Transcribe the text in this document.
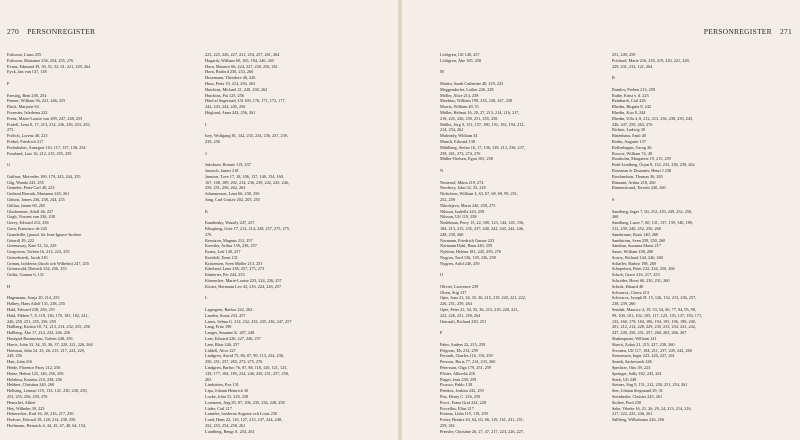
270 PERSONREGISTER
Eriksson, Linus 255
Eriksson, Marianne 236, 254, 255, 276
Evans, Edmund 49, 50, 51, 52, 61, 221, 229, 264
Eyck, Jan van 137, 138
F
Faestög, Bent 238, 254
Fenner, William 56, 221, 246, 255
Flack, Marjorie 63
Forrester, Isfederna 222
Frenz, Marie-Louise von 209, 247, 248, 255
Fridell, Lena 8, 17, 213, 214, 236, 239, 253, 255,
273
Fröfich, Lorenz 40, 223
Fröbel, Friedrich 217
Fuchshuber, Annegert 110, 117, 137, 138, 254
Furuland, Lars 16, 212, 215, 255, 259
G
Gaffron, Mercedes 169, 179, 243, 244, 255
Gåg, Wanda 243, 255
Gemeler, Peter Carl 40, 223
Gerland Ekerath, Marianne 245, 261
Gibson, James 236, 238, 244, 255
Gillian, James 60, 265
Glasbrenner, Adolf 46, 227
Gogh, Vincent van 236, 238
Gorey, Edward 212, 256
Gorn, Francisco de 245
Grandville, (pseud. för Jean-Ignace-Isodore
Gérard) 39, 222
Greenaway, Kate 51, 52, 229
Gregorsen, Torben 16, 213, 223, 255
Griesebstedt, Jacob 216
Grimm, bröderna (Jacob och Wilhelm) 247, 255
Grönewold, Dietrich 254, 256, 255
Grübs, Gunnar 6, 131
H
Hagemann, Sonja 20, 214, 255
Halbey, Hans Adolf 131, 238, 255
Hald, Edward 238, 256, 251
Hald, Fibben 7, 8, 119, 136, 170, 181, 182, 241,
246, 250, 251, 255, 256, 259
Hallberg, Kristin 18, 72, 213, 214, 232, 255, 256
Hallberg, Åke 17, 214, 232, 246, 256
Hasegird Rasmussen, Torben 248, 256
Harris, John 33, 34, 35, 36, 37, 220, 221, 226, 264
Hartman, Jehn 24, 25, 26, 215, 217, 224, 229,
249, 256
Hart, John 216
Heide, Florence Parry 212, 256
Heine, Helme 125, 146, 250, 256
Helakisa, Kaarina 210, 238, 256
Heldner, Christina 240, 260
Hellsing, Lennart 119, 133, 141, 230, 230, 250,
253, 255, 256, 259, 276
Henschel, Albert
Hey, Wilhelm 39, 223
Hoberecker, Karl 16, 20, 216, 217, 256
Hodcart, Edward 18, 128, 214, 238, 256
Hoffmann, Heinrich 4, 44, 45, 47, 48, 64, 154,
223, 225, 226, 227, 231, 254, 257, 261, 264
Hogarth, William 60, 165, 184, 246, 265
Horn, Maurice 66, 224, 227, 230, 256, 261
Horn, Raiford 230, 233, 260
Hosemann, Theodore 46, 226
Huss, Peter 19, 214, 256, 263
Hutchins, Michael 21, 220, 230, 262
Hutchins, Pat 125, 256
Härd af Segerstad, Ulf 169, 176, 171, 172, 177,
242, 243, 244, 245, 256
Höglund, Anna 243, 256, 261
I
Isey, Wolfgang 81, 142, 233, 234, 236, 237, 239,
239, 256
J
Jakobsen, Ronnie 119, 237
Janosch, James 218
Jansson, Tove 17, 18, 106, 137, 140, 154, 160,
167, 168, 189, 202, 214, 236, 239, 242, 245, 246,
250, 251, 256, 262, 263
Johannesson, Lena 66, 230, 256
Jung, Carl Gustav 202, 205, 255
K
Kandinsky, Wassily 247, 257
Klingberg, Göte 17, 212, 214, 228, 257, 275, 275,
276
Kreutzon, Magnus 212, 257
Koestler, Arthur 159, 238, 257
Kranz, Leif 140, 257
Kreidolf, Ernst 131
Kristensen, Sven Møller 213, 253
Kåreland, Lena 238, 257, 275, 273
Känterier, Per 244, 253
Könnecker, Marie-Louise 223, 224, 226, 257
Köster, Hermann Leo 43, 216, 224, 226, 257
L
Lagergren, Barbro 242, 262
Landen, Sonia 233, 257
Lanes, Selma G. 212, 232, 233, 235, 236, 247, 257
Lang, Fritz 198
Langer, Susanne K. 287, 248
Lear, Edward 226, 227, 246, 257
Lent, Blair 246, 257
Liddell, Alice 227
Lindgren, Astrid 75, 86, 87, 99, 113, 234, 236,
250, 251, 257, 265, 273, 275, 276
Lindgren, Barbro 76, 87, 88, 118, 120, 121, 125,
139, 177, 184, 185, 234, 246, 250, 251, 257, 258,
265
Lindström, Eva 131
Lipa, Johann Heinrich 30
Locke, John 31, 218, 258
Lorenzen, Jörg 85, 87, 106, 235, 236, 248, 258
Lüder, Carl 217
Lumière, bröderna Auguste och Louis 230
Lund, Hans 22, 116, 127, 213, 237, 244, 248,
252, 253, 254, 258, 261
Lundberg, Bengt A. 254, 261
PERSONREGISTER 271
Lööfgren, Ulf 140, 257
Lööfgren, Åke 165, 258
M
Martin, Sarah Catherine 48, 219, 225
Meggendorfer, Lothar 226, 228
Möller, Alice 214, 258
Moebius, William 199, 233, 238, 247, 258
Morris, William 49, 51
Müller, Helmut 16, 20, 27, 213, 214, 216, 217,
218, 225, 226, 250, 251, 255, 258
Müller, Jörg 9, 151, 157, 190, 191, 192, 194, 212,
214, 254, 262
Mulready, William 34
Munch, Edward 138
Mühlberg, Stefan 16, 17, 136, 139, 213, 236, 237,
258, 261, 273, 274, 276
Müller-Nielsen, Egon 165, 258
N
Nesterud, Märta 219, 274
Newbery, John 32, 33, 218
Nicholson, William 4, 63, 67, 68, 69, 99, 251,
252, 258
Nikolajeva, Maria 240, 258, 275
Nilsson, Isabella 243, 258
Nilsson, Ulf 119, 258
Nodelman, Perry 15, 22, 100, 123, 144, 145, 156,
184, 213, 215, 235, 237, 240, 242, 243, 244, 246,
248, 258, 260
Normann, Friedrich Gustav 223
Normann Dahl, Hans 240, 259
Nyblom, Helena 181, 245, 259, 276
Nygren, Tord 136, 139, 236, 258
Nygren, Arild 240, 259
O
Olivier, Lawrence 239
Olsen, Stig 137
Opie, Iona 21, 34, 35, 36, 215, 219, 220, 221, 222,
226, 251, 259, 264
Opie, Peter 21, 34, 35, 36, 215, 219, 220, 221,
222, 226, 251, 259, 264
Outcault, Richard 230, 251
P
Palm, Anders 22, 215, 259
Pelgrom, Els 212, 259
Perrault, Charles 116, 118, 259
Persson, Boris 77, 214, 233, 260
Petersson, Olga 179, 251, 259
Pfister, Albrecht 216
Piaget, Jean 238, 259
Picasso, Pablo 138
Pienkos, Joakim 242, 259
Pitz, Henry C. 216, 259
Pocci, Franz Graf 224, 228
Porcellus, Elias 217
Postma, Lidia 119, 119, 259
Potter, Beatrix 63, 64, 65, 66, 119, 161, 231, 251,
259, 261
Pressler, Christine 26, 27, 47, 217, 223, 226, 227,
251, 249, 259
Prichard, Marie 216, 218, 219, 220, 221, 228,
229, 231, 232, 121, 264
R
Ramlov, Preben 213, 259
Rathe, Ernst v. d. 223
Reinhardt, Carl 226
Rhedin, Birgitta 8, 242
Rhedin, Kuo 8, 244
Rhedin, Ulla 4, 8, 212, 213, 236, 238, 239, 245,
246, 247, 259, 263, 276
Richter, Ludwig 39
Rittenhaus, Emil 40
Rodin, Auguste 137
Rollenhagen, Georg 26
Roscoe, William 74, 48
Rossholm, Margareta 19, 215, 259
Roth-Lindberg, Örjan 8, 132, 233, 238, 239, 262
Rousseau le Douanier, Henri J 238
Rowlandson, Thomas 36, 265
Rümann, Arthur 218, 260
Rünnerstrand, Torsten 240, 260
S
Sandberg, Inger 7, 60, 212, 239, 249, 252, 256,
260
Sandberg, Lasse 7, 60, 131, 137, 139, 140, 189,
212, 239, 240, 252, 256, 260
Sanderame, Boris 140, 260
Sandström, Sven 239, 250, 260
Sandran, Susanna Maria 217
Sauer, William 238, 260
Scarry, Richard 144, 246, 260
Schaffer, Barbro 198, 260
Schepelern, Peter 232, 234, 250, 266
Scholt, Grace 216, 217, 253
Schröder, Horst 60, 230, 231, 260
Schulz, Eduard 40
Schwarcz, Chava 213
Schwarcz, Joseph H. 15, 126, 132, 213, 236, 257,
238, 239, 260
Sendak, Maurice 4, 19, 53, 54, 66, 77, 94, 95, 98,
99, 100, 101, 102, 105, 117, 125, 135, 137, 150, 171,
133, 160, 179, 184, 186, 194, 195, 196, 199, 200,
201, 212, 214, 228, 229, 230, 233, 234, 241, 242,
247, 249, 250, 251, 257, 260, 265, 266, 267
Shakespeare, William 141
Shavit, Zohar 21, 215, 227, 238, 260
Sivonen, Ulf 117, 184, 211, 237, 249, 242, 260
Simonsson, Inger 223, 226, 227, 261
Smedt, Sackewaelt 246
Speckter, Otto 39, 223
Springer, Sally 182, 245, 261
Stark, Ulf 249
Steiner, Jörg 9, 151, 212, 250, 251, 254, 261
Ster, Johann Siegmund 29, 31
Steinbeshe, Christer 245, 261
Stoltze, Poul 250
Sebe, Vibeke 16, 21, 26, 29, 24, 213, 214, 216,
217, 222, 225, 246, 261
Sällberg, Wilhelmina 226, 256
